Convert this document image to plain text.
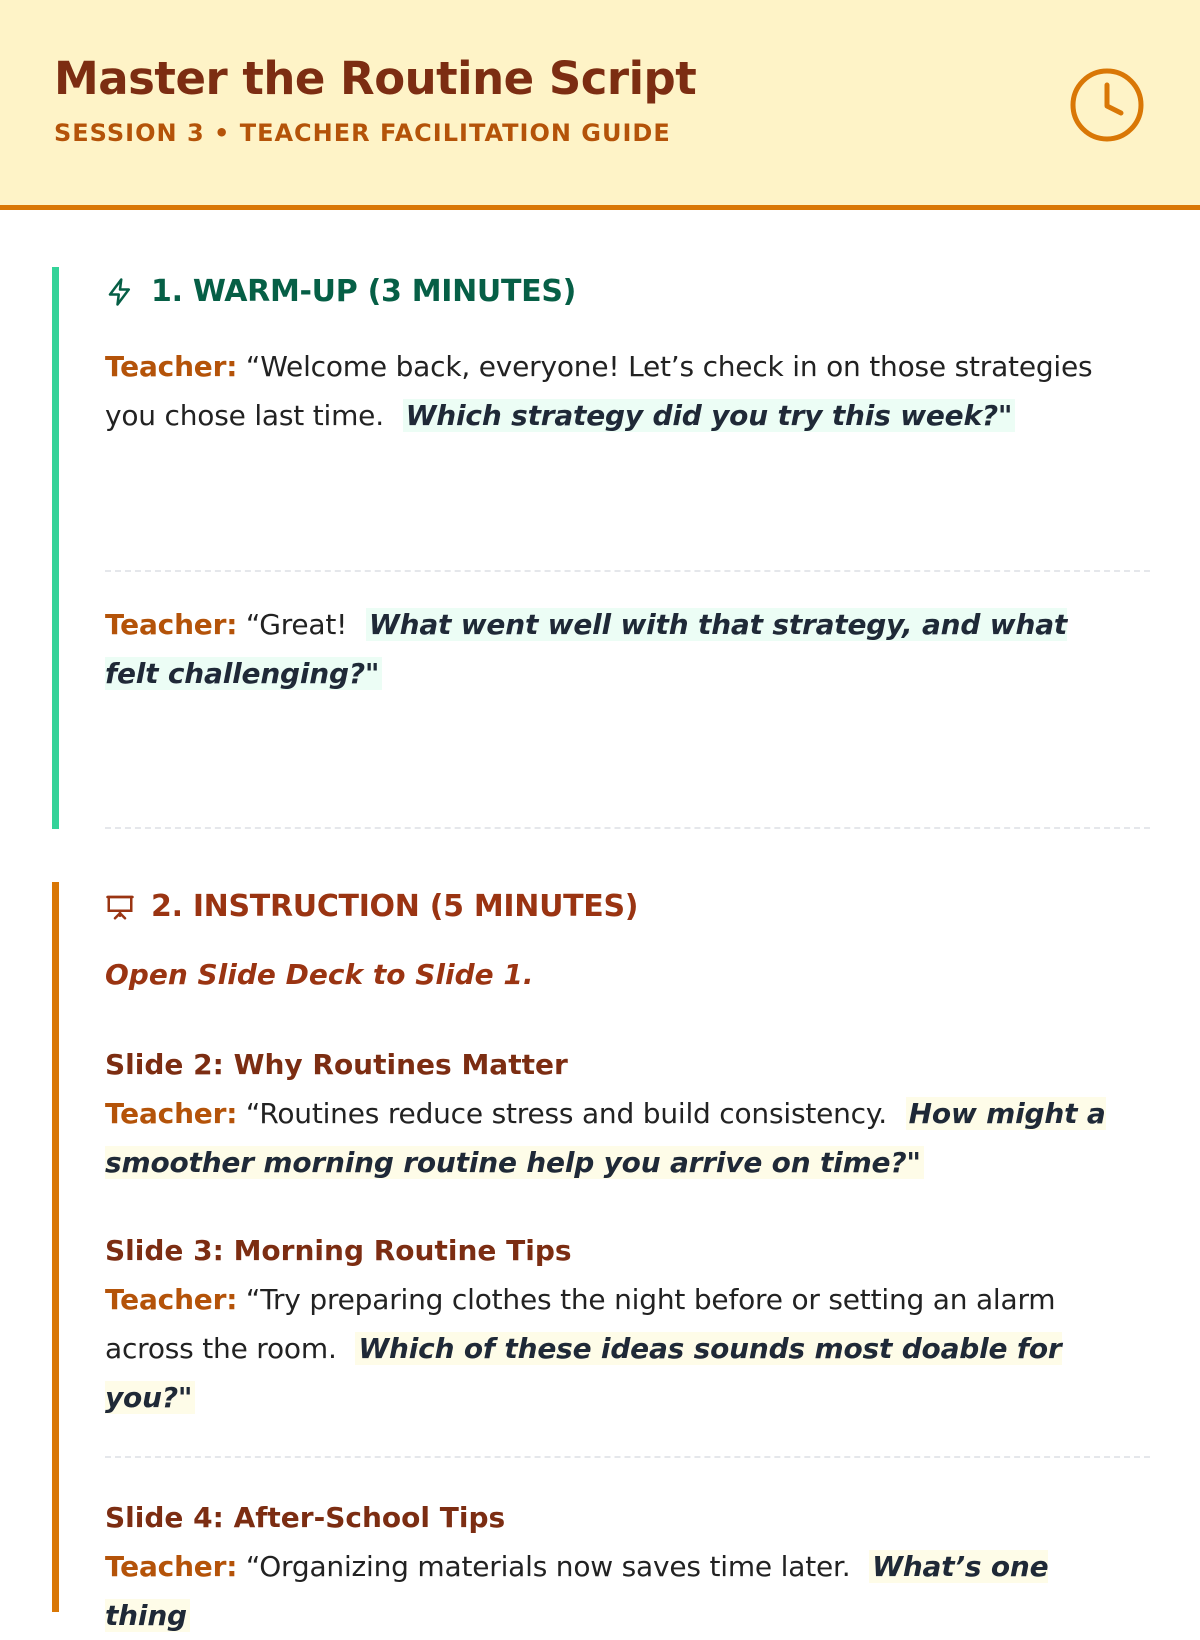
Master the Routine Script
SESSION 3 • TEACHER FACILITATION GUIDE
1. WARM-UP (3 MINUTES)

Teacher: “Welcome back, everyone! Let’s check in on those strategies you chose last time. Which strategy did you try this week?"

Teacher: “Great! What went well with that strategy, and what felt challenging?"

2. INSTRUCTION (5 MINUTES)

Open Slide Deck to Slide 1.

Slide 2: Why Routines Matter

Teacher: “Routines reduce stress and build consistency. How might a smoother morning routine help you arrive on time?"

Slide 3: Morning Routine Tips

Teacher: “Try preparing clothes the night before or setting an alarm across the room. Which of these ideas sounds most doable for you?"

Slide 4: After-School Tips

Teacher: “Organizing materials now saves time later. What’s one thing
